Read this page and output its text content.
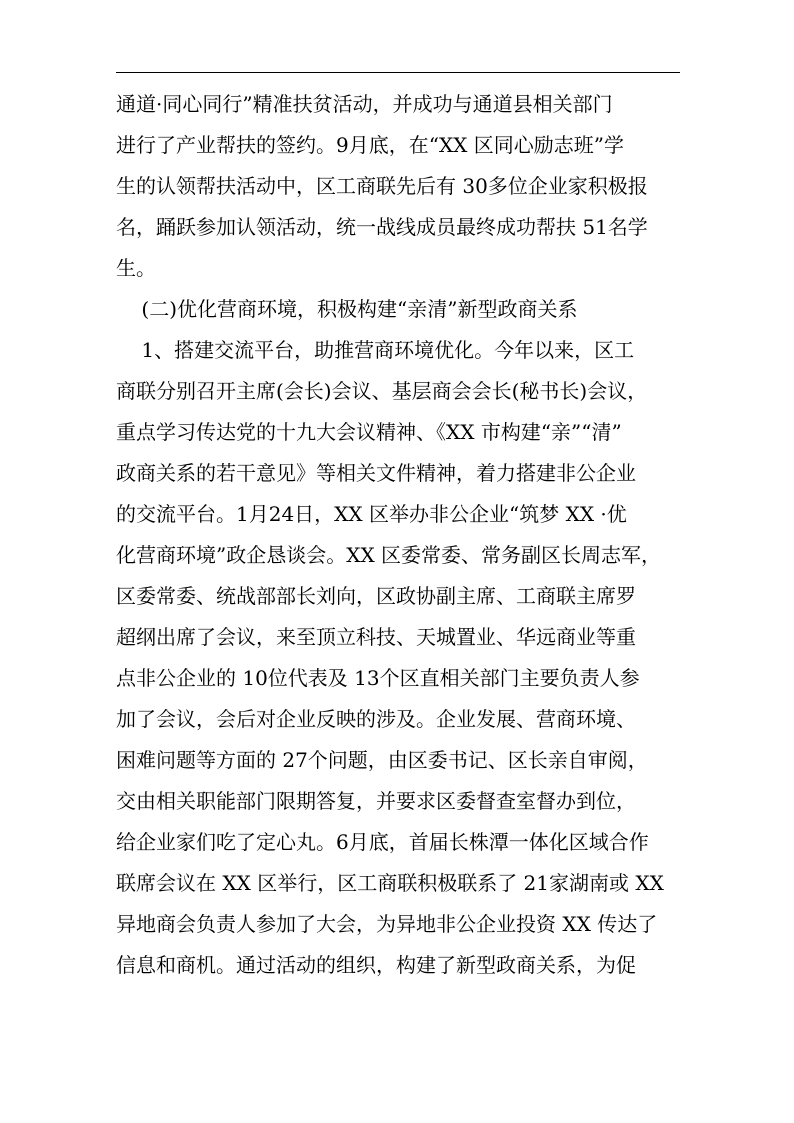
通道·同心同行”精准扶贫活动，并成功与通道县相关部门
进行了产业帮扶的签约。9月底，在“XX 区同心励志班”学
生的认领帮扶活动中，区工商联先后有 30多位企业家积极报
名，踊跃参加认领活动，统一战线成员最终成功帮扶 51名学
生。
(二)优化营商环境，积极构建“亲清”新型政商关系
1、搭建交流平台，助推营商环境优化。今年以来，区工
商联分别召开主席(会长)会议、基层商会会长(秘书长)会议，
重点学习传达党的十九大会议精神、《XX 市构建“亲”“清”
政商关系的若干意见》等相关文件精神，着力搭建非公企业
的交流平台。1月24日，XX 区举办非公企业“筑梦 XX ·优
化营商环境”政企恳谈会。XX 区委常委、常务副区长周志军，
区委常委、统战部部长刘向，区政协副主席、工商联主席罗
超纲出席了会议，来至顶立科技、天城置业、华远商业等重
点非公企业的 10位代表及 13个区直相关部门主要负责人参
加了会议，会后对企业反映的涉及。企业发展、营商环境、
困难问题等方面的 27个问题，由区委书记、区长亲自审阅，
交由相关职能部门限期答复，并要求区委督查室督办到位，
给企业家们吃了定心丸。6月底，首届长株潭一体化区域合作
联席会议在 XX 区举行，区工商联积极联系了 21家湖南或 XX
异地商会负责人参加了大会，为异地非公企业投资 XX 传达了
信息和商机。通过活动的组织，构建了新型政商关系，为促
